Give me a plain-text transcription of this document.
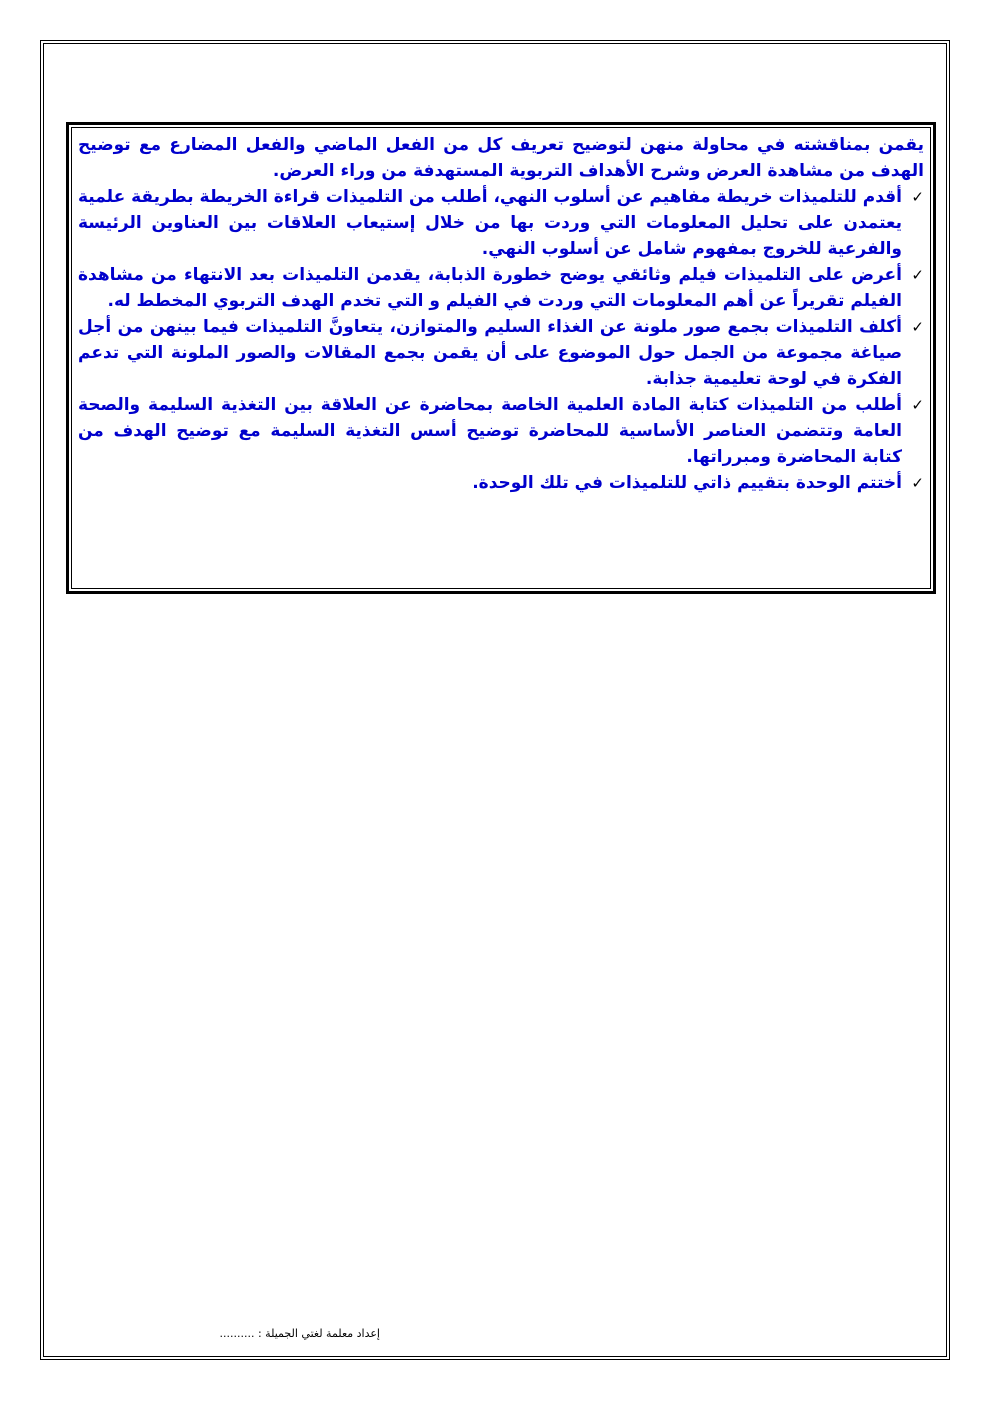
يقمن بمناقشته في محاولة منهن لتوضيح تعريف كل من الفعل الماضي والفعل المضارع مع توضيح الهدف من مشاهدة العرض وشرح الأهداف التربوية المستهدفة من وراء العرض.

✓

أقدم للتلميذات خريطة مفاهيم عن أسلوب النهي، أطلب من التلميذات قراءة الخريطة بطريقة علمية يعتمدن على تحليل المعلومات التي وردت بها من خلال إستيعاب العلاقات بين العناوين الرئيسة والفرعية للخروج بمفهوم شامل عن أسلوب النهي.

✓

أعرض على التلميذات فيلم وثائقي يوضح خطورة الذبابة، يقدمن التلميذات بعد الانتهاء من مشاهدة الفيلم تقريراً عن أهم المعلومات التي وردت في الفيلم و التي تخدم الهدف التربوي المخطط له.

✓

أكلف التلميذات بجمع صور ملونة عن الغذاء السليم والمتوازن، يتعاونَّ التلميذات فيما بينهن من أجل صياغة مجموعة من الجمل حول الموضوع على أن يقمن بجمع المقالات والصور الملونة التي تدعم الفكرة في لوحة تعليمية جذابة.

✓

أطلب من التلميذات كتابة المادة العلمية الخاصة بمحاضرة عن العلاقة بين التغذية السليمة والصحة العامة وتتضمن العناصر الأساسية للمحاضرة توضيح أسس التغذية السليمة مع توضيح الهدف من كتابة المحاضرة ومبرراتها.

✓

أختتم الوحدة بتقييم ذاتي للتلميذات في تلك الوحدة.

إعداد معلمة لغتي الجميلة : ..........
